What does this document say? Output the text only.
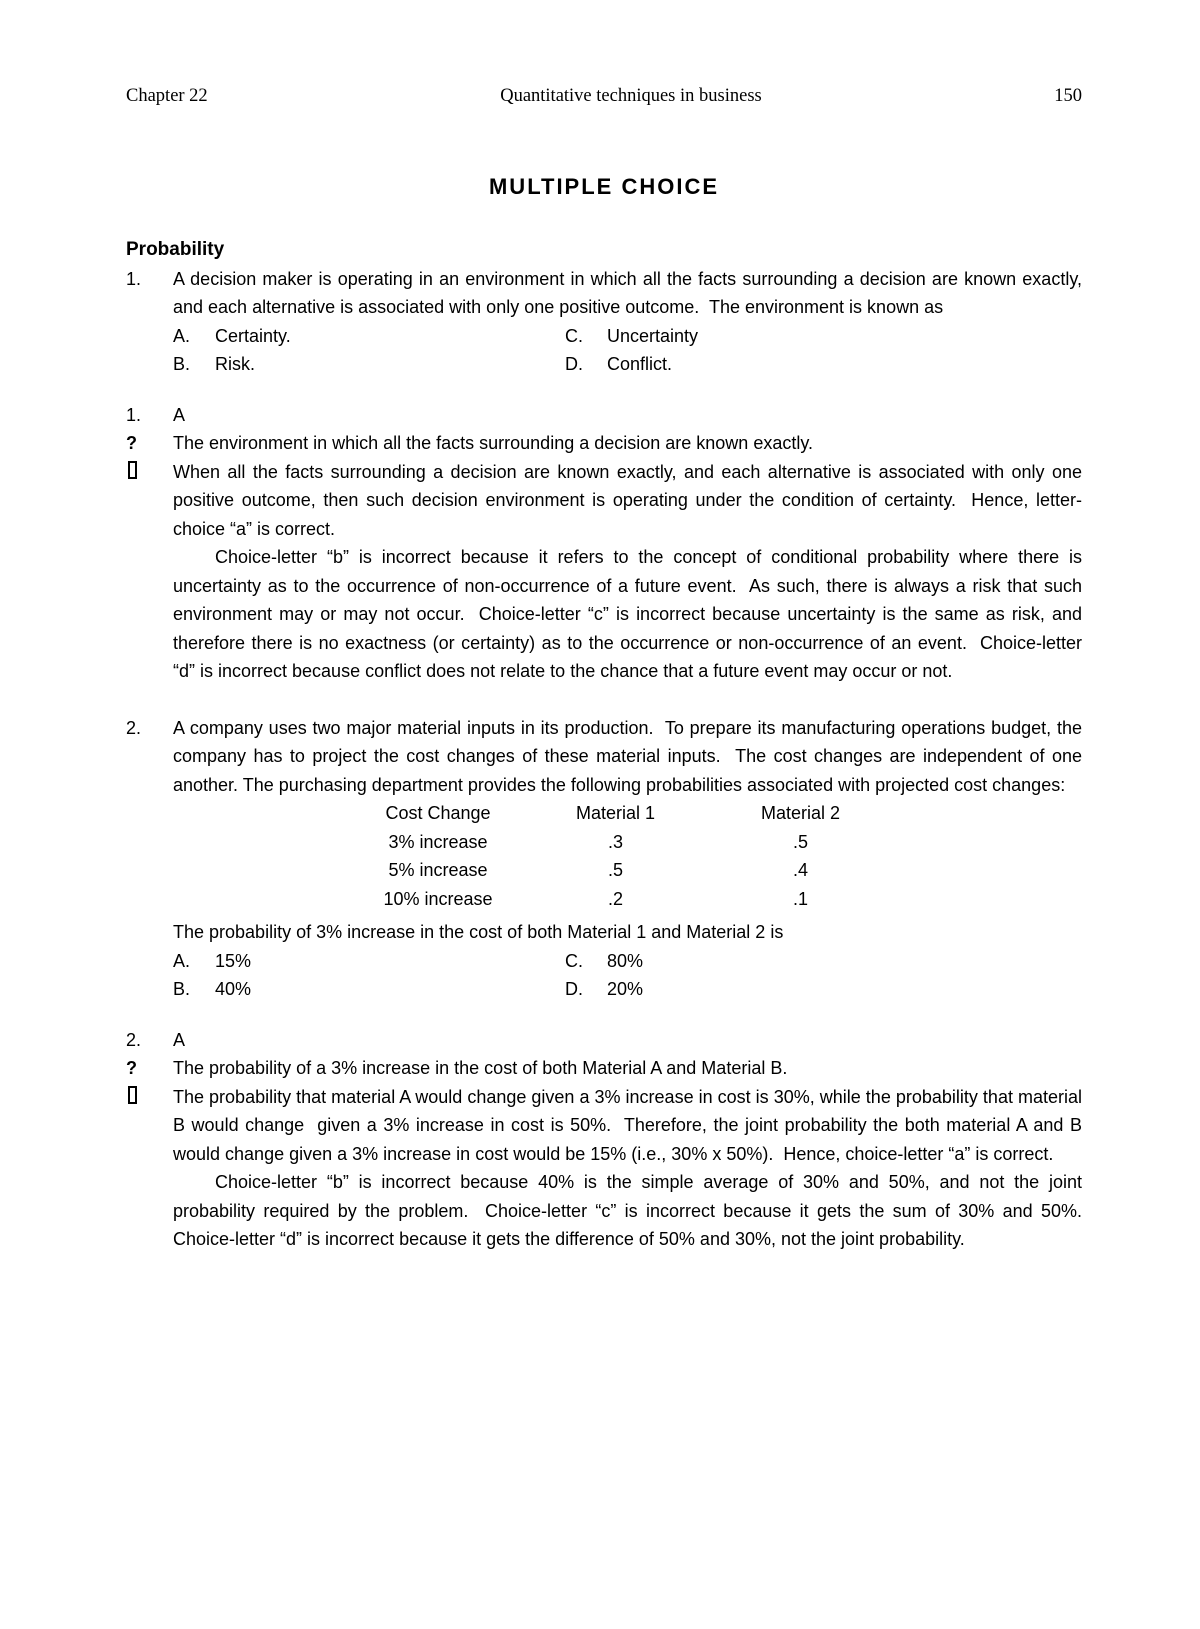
Chapter 22	Quantitative techniques in business	150
MULTIPLE CHOICE
Probability
1.	A decision maker is operating in an environment in which all the facts surrounding a decision are known exactly, and each alternative is associated with only one positive outcome.  The environment is known as
A.	Certainty.	C.	Uncertainty
B.	Risk.	D.	Conflict.
1.	A
?	The environment in which all the facts surrounding a decision are known exactly.
When all the facts surrounding a decision are known exactly, and each alternative is associated with only one positive outcome, then such decision environment is operating under the condition of certainty.  Hence, letter-choice “a” is correct.
Choice-letter “b” is incorrect because it refers to the concept of conditional probability where there is uncertainty as to the occurrence of non-occurrence of a future event.  As such, there is always a risk that such environment may or may not occur.  Choice-letter “c” is incorrect because uncertainty is the same as risk, and therefore there is no exactness (or certainty) as to the occurrence or non-occurrence of an event.  Choice-letter “d” is incorrect because conflict does not relate to the chance that a future event may occur or not.
2.	A company uses two major material inputs in its production.  To prepare its manufacturing operations budget, the company has to project the cost changes of these material inputs.  The cost changes are independent of one another. The purchasing department provides the following probabilities associated with projected cost changes:
Cost Change	Material 1	Material 2
3% increase	.3	.5
5% increase	.5	.4
10% increase	.2	.1
The probability of 3% increase in the cost of both Material 1 and Material 2 is
A.	15%	C.	80%
B.	40%	D.	20%
2.	A
?	The probability of a 3% increase in the cost of both Material A and Material B.
The probability that material A would change given a 3% increase in cost is 30%, while the probability that material B would change  given a 3% increase in cost is 50%.  Therefore, the joint probability the both material A and B would change given a 3% increase in cost would be 15% (i.e., 30% x 50%).  Hence, choice-letter “a” is correct.
Choice-letter “b” is incorrect because 40% is the simple average of 30% and 50%, and not the joint probability required by the problem.  Choice-letter “c” is incorrect because it gets the sum of 30% and 50%.  Choice-letter “d” is incorrect because it gets the difference of 50% and 30%, not the joint probability.
